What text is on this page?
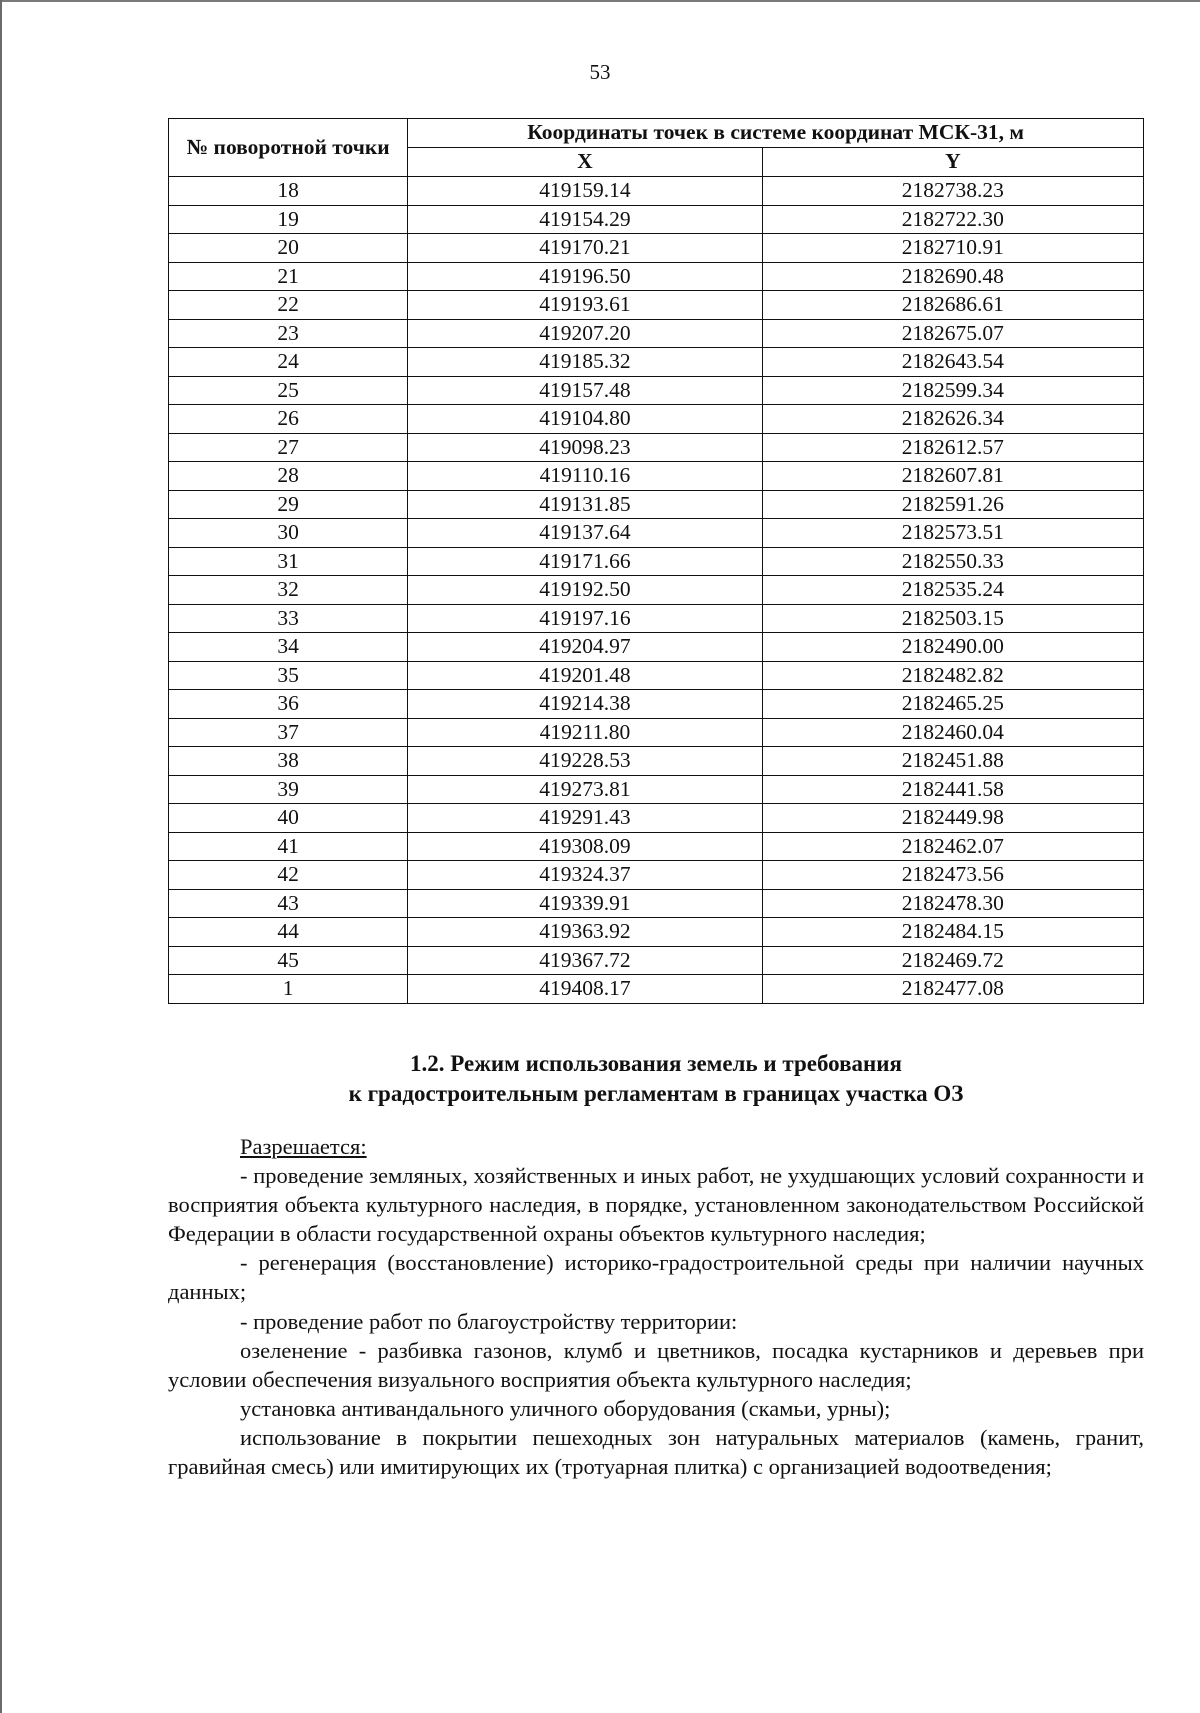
53
№ поворотной точки	Координаты точек в системе координат МСК-31, м	
	X	Y
18	419159.14	2182738.23
19	419154.29	2182722.30
20	419170.21	2182710.91
21	419196.50	2182690.48
22	419193.61	2182686.61
23	419207.20	2182675.07
24	419185.32	2182643.54
25	419157.48	2182599.34
26	419104.80	2182626.34
27	419098.23	2182612.57
28	419110.16	2182607.81
29	419131.85	2182591.26
30	419137.64	2182573.51
31	419171.66	2182550.33
32	419192.50	2182535.24
33	419197.16	2182503.15
34	419204.97	2182490.00
35	419201.48	2182482.82
36	419214.38	2182465.25
37	419211.80	2182460.04
38	419228.53	2182451.88
39	419273.81	2182441.58
40	419291.43	2182449.98
41	419308.09	2182462.07
42	419324.37	2182473.56
43	419339.91	2182478.30
44	419363.92	2182484.15
45	419367.72	2182469.72
1	419408.17	2182477.08
1.2. Режим использования земель и требования
к градостроительным регламентам в границах участка ОЗ

Разрешается:

- проведение земляных, хозяйственных и иных работ, не ухудшающих условий сохранности и восприятия объекта культурного наследия, в порядке, установленном законодательством Российской Федерации в области государственной охраны объектов культурного наследия;

- регенерация (восстановление) историко-градостроительной среды при наличии научных данных;

- проведение работ по благоустройству территории:

озеленение - разбивка газонов, клумб и цветников, посадка кустарников и деревьев при условии обеспечения визуального восприятия объекта культурного наследия;

установка антивандального уличного оборудования (скамьи, урны);

использование в покрытии пешеходных зон натуральных материалов (камень, гранит, гравийная смесь) или имитирующих их (тротуарная плитка) с организацией водоотведения;
